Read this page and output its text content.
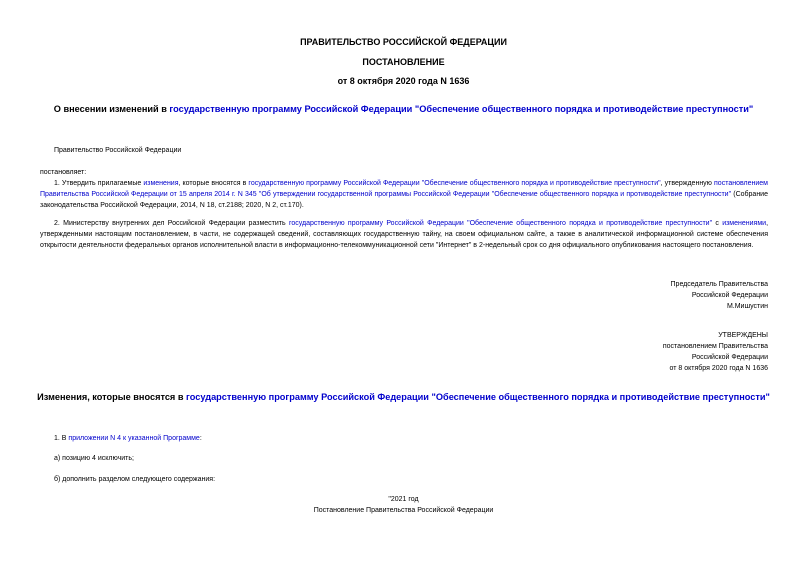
ПРАВИТЕЛЬСТВО РОССИЙСКОЙ ФЕДЕРАЦИИ
ПОСТАНОВЛЕНИЕ
от 8 октября 2020 года N 1636
О внесении изменений в государственную программу Российской Федерации "Обеспечение общественного порядка и противодействие преступности"
Правительство Российской Федерации
постановляет:
1. Утвердить прилагаемые изменения, которые вносятся в государственную программу Российской Федерации "Обеспечение общественного порядка и противодействие преступности", утвержденную постановлением Правительства Российской Федерации от 15 апреля 2014 г. N 345 "Об утверждении государственной программы Российской Федерации "Обеспечение общественного порядка и противодействие преступности" (Собрание законодательства Российской Федерации, 2014, N 18, ст.2188; 2020, N 2, ст.170).
2. Министерству внутренних дел Российской Федерации разместить государственную программу Российской Федерации "Обеспечение общественного порядка и противодействие преступности" с изменениями, утвержденными настоящим постановлением, в части, не содержащей сведений, составляющих государственную тайну, на своем официальном сайте, а также в аналитической информационной системе обеспечения открытости деятельности федеральных органов исполнительной власти в информационно-телекоммуникационной сети "Интернет" в 2-недельный срок со дня официального опубликования настоящего постановления.
Председатель Правительства
Российской Федерации
М.Мишустин
УТВЕРЖДЕНЫ
постановлением Правительства
Российской Федерации
от 8 октября 2020 года N 1636
Изменения, которые вносятся в государственную программу Российской Федерации "Обеспечение общественного порядка и противодействие преступности"
1. В приложении N 4 к указанной Программе:
а) позицию 4 исключить;
б) дополнить разделом следующего содержания:
"2021 год
Постановление Правительства Российской Федерации
